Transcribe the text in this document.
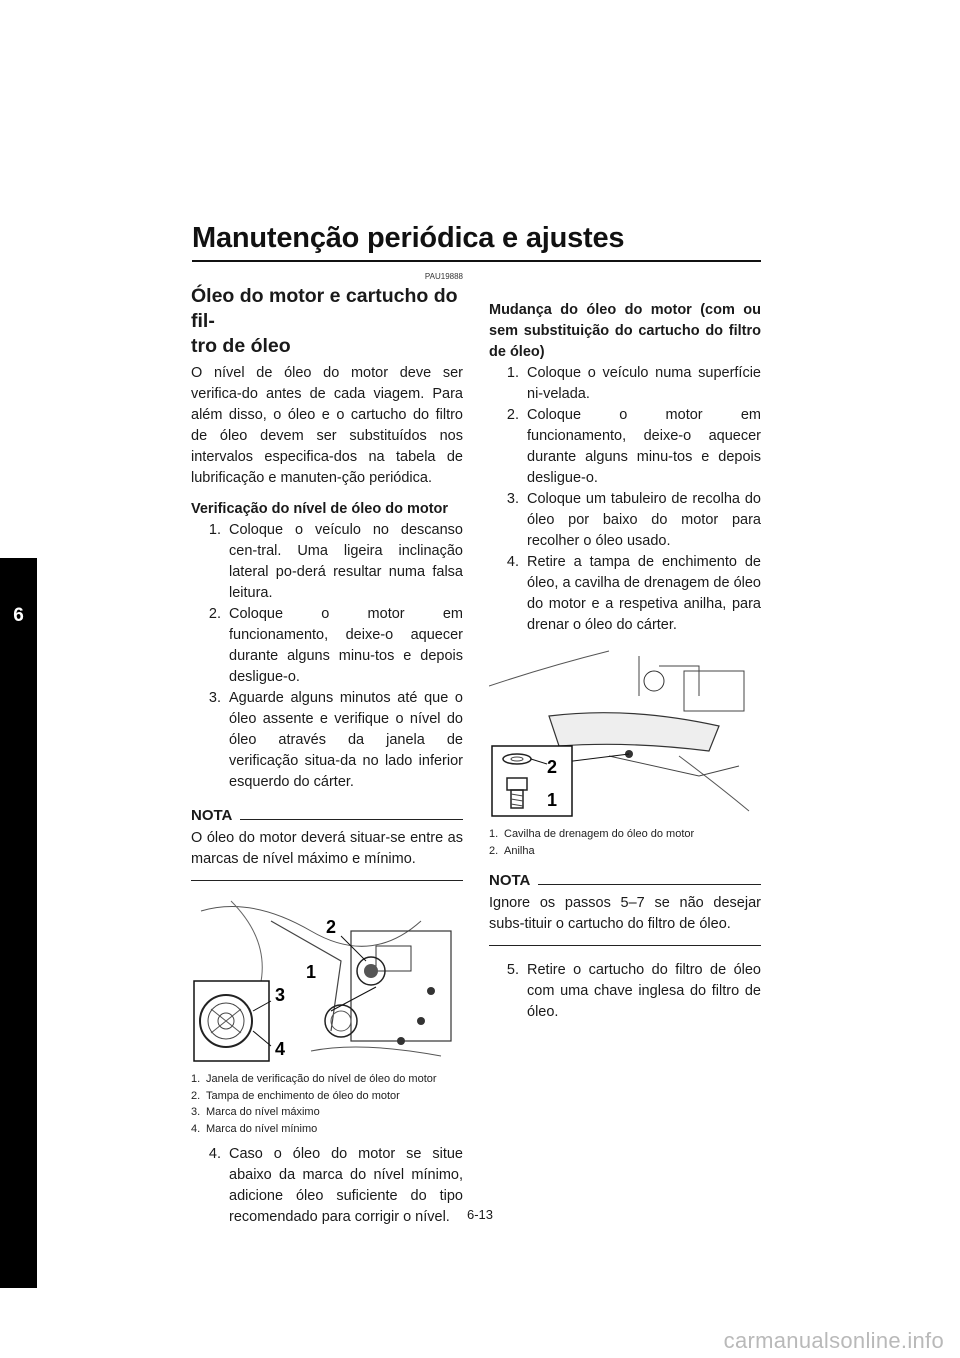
Manutenção periódica e ajustes
6
PAU19888
Óleo do motor e cartucho do fil-
tro de óleo

O nível de óleo do motor deve ser verifica-do antes de cada viagem. Para além disso, o óleo e o cartucho do filtro de óleo devem ser substituídos nos intervalos especifica-dos na tabela de lubrificação e manuten-ção periódica.

Verificação do nível de óleo do motor

1. Coloque o veículo no descanso cen-tral. Uma ligeira inclinação lateral po-derá resultar numa falsa leitura.
2. Coloque o motor em funcionamento, deixe-o aquecer durante alguns minu-tos e depois desligue-o.
3. Aguarde alguns minutos até que o óleo assente e verifique o nível do óleo através da janela de verificação situa-da no lado inferior esquerdo do cárter.
NOTA
O óleo do motor deverá situar-se entre as marcas de nível máximo e mínimo.
1
2
3
4
1. Janela de verificação do nível de óleo do motor
2. Tampa de enchimento de óleo do motor
3. Marca do nível máximo
4. Marca do nível mínimo
4. Caso o óleo do motor se situe abaixo da marca do nível mínimo, adicione óleo suficiente do tipo recomendado para corrigir o nível.

Mudança do óleo do motor (com ou sem substituição do cartucho do filtro de óleo)

1. Coloque o veículo numa superfície ni-velada.
2. Coloque o motor em funcionamento, deixe-o aquecer durante alguns minu-tos e depois desligue-o.
3. Coloque um tabuleiro de recolha do óleo por baixo do motor para recolher o óleo usado.
4. Retire a tampa de enchimento de óleo, a cavilha de drenagem de óleo do motor e a respetiva anilha, para drenar o óleo do cárter.
2
1
1. Cavilha de drenagem do óleo do motor
2. Anilha
NOTA
Ignore os passos 5–7 se não desejar subs-tituir o cartucho do filtro de óleo.
5. Retire o cartucho do filtro de óleo com uma chave inglesa do filtro de óleo.
6-13
carmanualsonline.info
